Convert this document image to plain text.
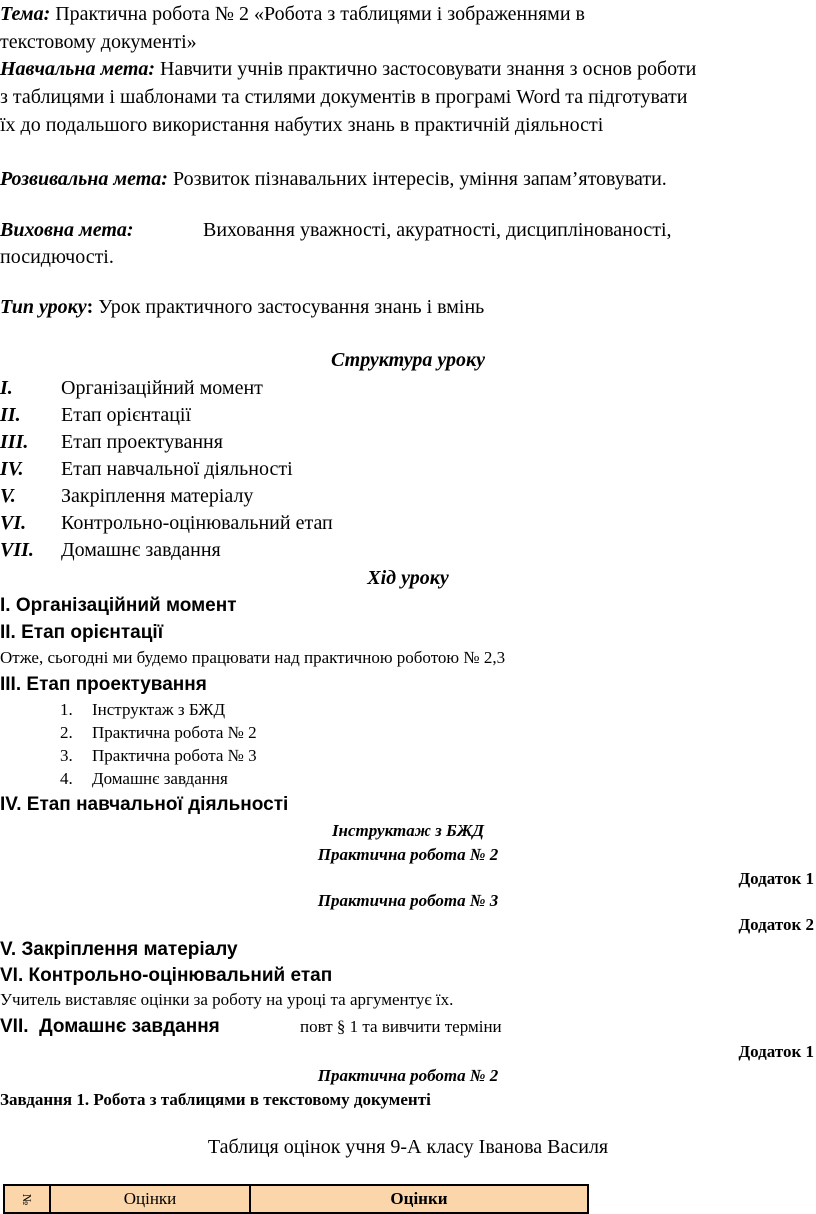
Тема: Практична робота № 2 «Робота з таблицями і зображеннями в
текстовому документі»
Навчальна мета: Навчити учнів практично застосовувати знання з основ роботи
з таблицями і шаблонами та стилями документів в програмі Word та підготувати
їх до подальшого використання набутих знань в практичній діяльності
Розвивальна мета: Розвиток пізнавальних інтересів, уміння запам’ятовувати.
Виховна мета:	Виховання уважності, акуратності, дисциплінованості,
посидючості.
Тип уроку: Урок практичного застосування знань і вмінь
Структура уроку
I. Організаційний момент
II. Етап орієнтації
III. Етап проектування
IV. Етап навчальної діяльності
V. Закріплення матеріалу
VI. Контрольно-оцінювальний етап
VII. Домашнє завдання
Хід уроку
І. Організаційний момент
ІІ. Етап орієнтації
Отже, сьогодні ми будемо працювати над практичною роботою № 2,3
ІІІ. Етап проектування
1. Інструктаж з БЖД
2. Практична робота № 2
3. Практична робота № 3
4. Домашнє завдання
IV. Етап навчальної діяльності
Інструктаж з БЖД
Практична робота № 2
Додаток 1
Практична робота № 3
Додаток 2
V. Закріплення матеріалу
VI. Контрольно-оцінювальний етап
Учитель виставляє оцінки за роботу на уроці та аргументує їх.
VII.  Домашнє завдання	повт § 1 та вивчити терміни
Додаток 1
Практична робота № 2
Завдання 1. Робота з таблицями в текстовому документі
Таблиця оцінок учня 9-А класу Іванова Василя
№	Оцінки	Оцінки
